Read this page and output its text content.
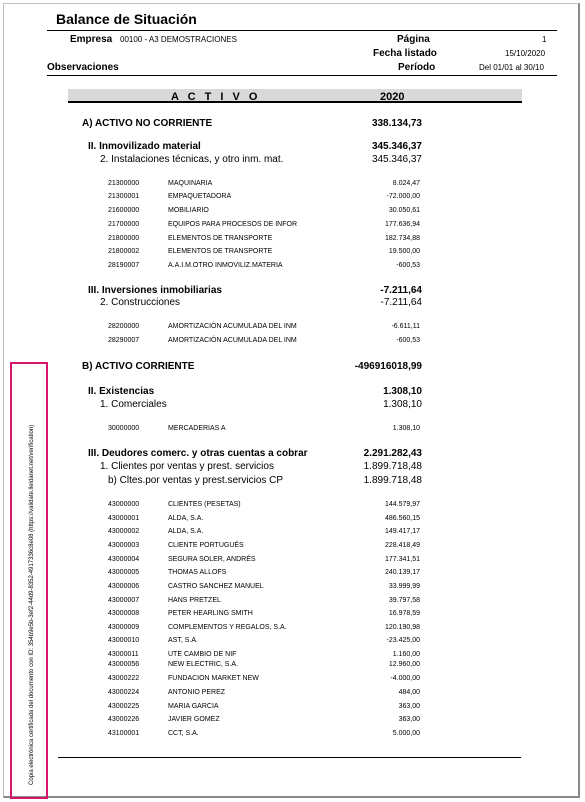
Balance de Situación
Empresa 00100 - A3 DEMOSTRACIONES
Observaciones
Página	1
Fecha listado	15/10/2020
Período	Del 01/01 al 30/10
A C T I V O	2020
A) ACTIVO NO CORRIENTE	338.134,73
II. Inmovilizado material	345.346,37
2. Instalaciones técnicas, y otro inm. mat.	345.346,37
21300000	MAQUINARIA	8.024,47
21300001	EMPAQUETADORA	-72.000,00
21600000	MOBILIARIO	30.050,61
21700000	EQUIPOS PARA PROCESOS DE INFOR	177.636,94
21800000	ELEMENTOS DE TRANSPORTE	182.734,88
21800002	ELEMENTOS DE TRANSPORTE	19.500,00
28190007	A.A.I.M.OTRO INMOVILIZ.MATERIA	-600,53
III. Inversiones inmobiliarias	-7.211,64
2. Construcciones	-7.211,64
28200000	AMORTIZACIÓN ACUMULADA DEL INM	-6.611,11
28290007	AMORTIZACIÓN ACUMULADA DEL INM	-600,53
B) ACTIVO CORRIENTE	-496916018,99
II. Existencias	1.308,10
1. Comerciales	1.308,10
30000000	MERCADERIAS A	1.308,10
III. Deudores comerc. y otras cuentas a cobrar	2.291.282,43
1. Clientes por ventas y prest. servicios	1.899.718,48
b) Cltes.por ventas y prest.servicios CP	1.899.718,48
43000000	CLIENTES (PESETAS)	144.579,97
43000001	ALDA, S.A.	486.560,15
43000002	ALDA, S.A.	149.417,17
43000003	CLIENTE PORTUGUÉS	228.418,49
43000004	SEGURA SOLER, ANDRÉS	177.341,51
43000005	THOMAS ALLOFS	240.139,17
43000006	CASTRO SANCHEZ MANUEL	33.999,99
43000007	HANS PRETZEL	39.797,58
43000008	PETER HEARLING SMITH	16.978,59
43000009	COMPLEMENTOS Y REGALOS, S.A.	120.190,98
43000010	AST, S.A.	-23.425,00
43000011	UTE CAMBIO DE NIF	1.160,00
43000056	NEW ELECTRIC, S.A.	12.960,00
43000222	FUNDACION MARKET NEW	-4.000,00
43000224	ANTONIO PEREZ	484,00
43000225	MARIA GARCIA	363,00
43000226	JAVIER GOMEZ	363,00
43100001	CCT, S.A.	5.000,00
Copia electrónica certificada del documento con ID: 354b9e5b-3ef2-44d9-8352-4917336c8e08 (https://validate.lleidanet.net/verification)
